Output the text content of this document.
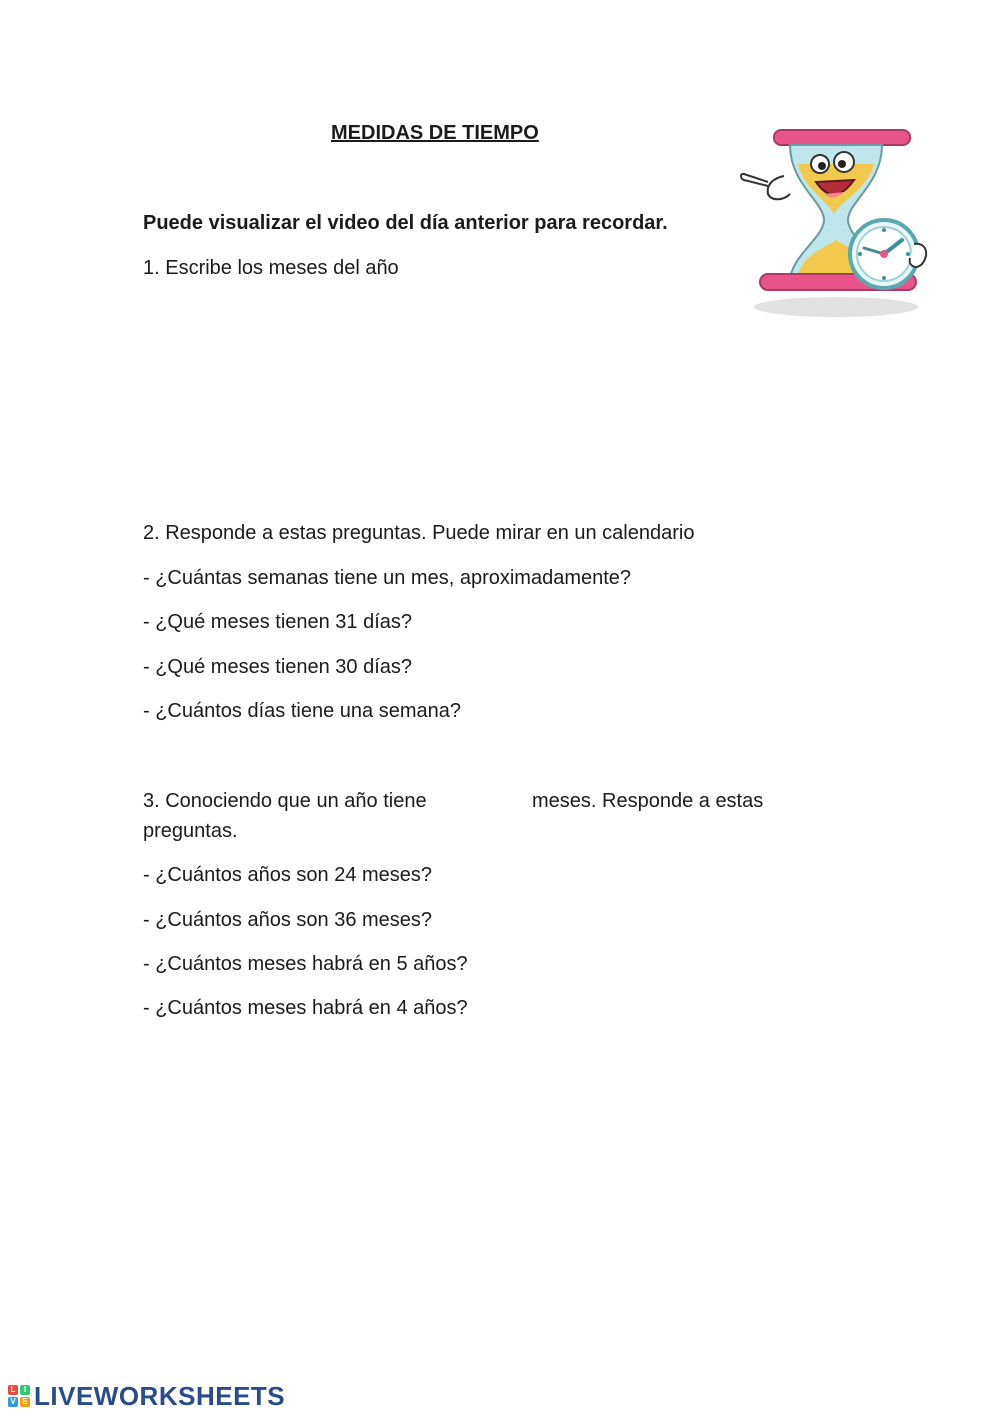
MEDIDAS DE TIEMPO

Puede visualizar el video del día anterior para recordar.

1. Escribe los meses del año

2. Responde a estas preguntas. Puede mirar en un calendario

- ¿Cuántas semanas tiene un mes, aproximadamente?

- ¿Qué meses tienen 31 días?

- ¿Qué meses tienen 30 días?

- ¿Cuántos días tiene una semana?

3. Conociendo que un año tiene	meses. Responde a estas

preguntas.

- ¿Cuántos años son 24 meses?

- ¿Cuántos años son 36 meses?

- ¿Cuántos meses habrá en 5 años?

- ¿Cuántos meses habrá en 4 años?

L	I
V E LIVEWORKSHEETS
